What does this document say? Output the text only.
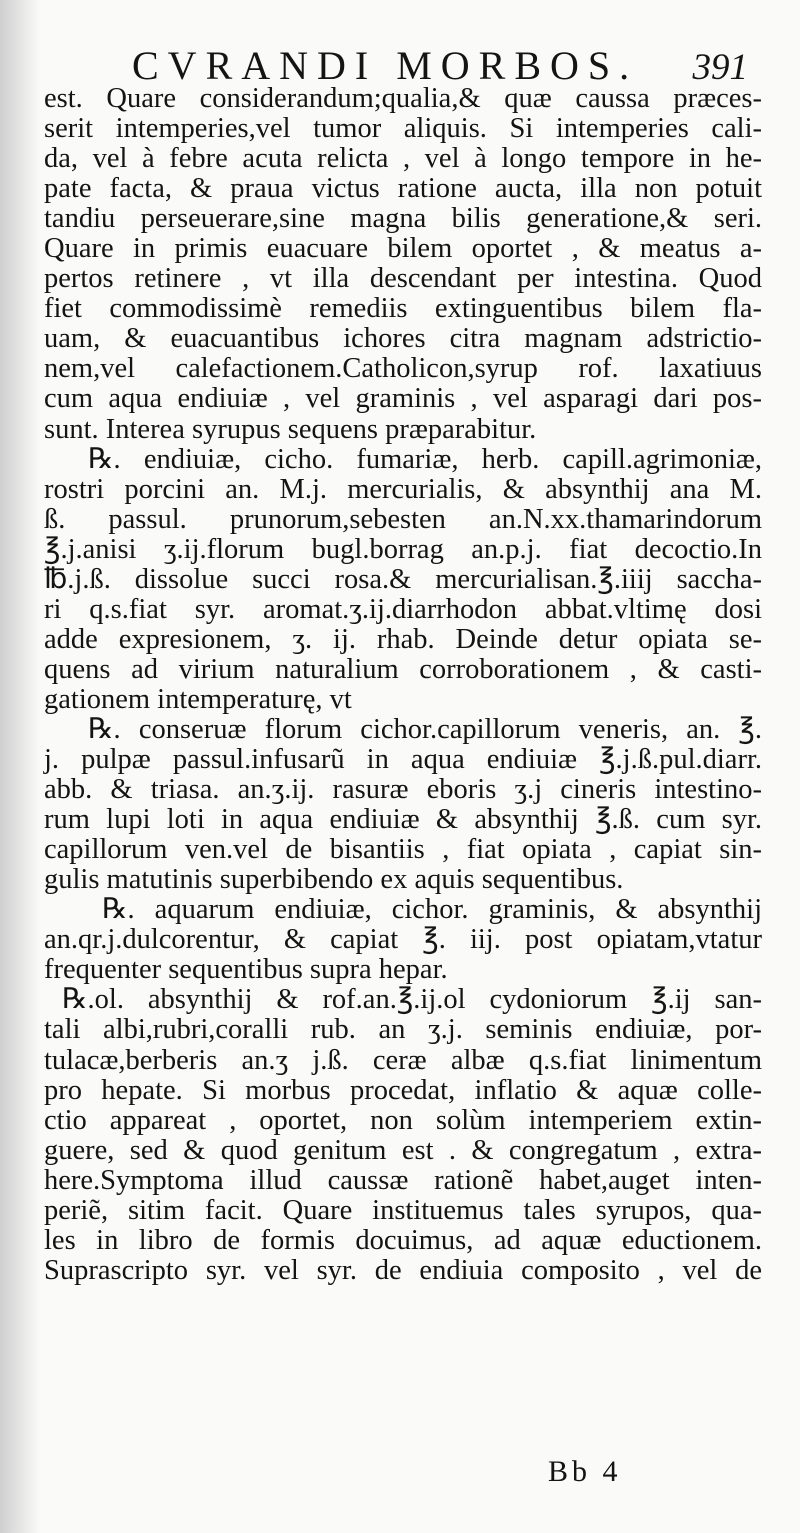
CVRANDI MORBOS. 391
est. Quare considerandum;qualia,& quæ caussa præces-
serit intemperies,vel tumor aliquis. Si intemperies cali-
da, vel à febre acuta relicta , vel à longo tempore in he-
pate facta, & praua victus ratione aucta, illa non potuit
tandiu perseuerare,sine magna bilis generatione,& seri.
Quare in primis euacuare bilem oportet , & meatus a-
pertos retinere , vt illa descendant per intestina. Quod
fiet commodissimè remediis extinguentibus bilem fla-
uam, & euacuantibus ichores citra magnam adstrictio-
nem,vel calefactionem.Catholicon,syrup rof. laxatiuus
cum aqua endiuiæ , vel graminis , vel asparagi dari pos-
sunt. Interea syrupus sequens præparabitur.
℞. endiuiæ, cicho. fumariæ, herb. capill.agrimoniæ,
rostri porcini an. M.j. mercurialis, & absynthij ana M.
ß. passul. prunorum,sebesten an.N.xx.thamarindorum
℥.j.anisi ʒ.ij.florum bugl.borrag an.p.j. fiat decoctio.In
℔.j.ß. dissolue succi rosa.& mercurialisan.℥.iiij saccha-
ri q.s.fiat syr. aromat.ʒ.ij.diarrhodon abbat.vltimę dosi
adde expresionem, ʒ. ij. rhab. Deinde detur opiata se-
quens ad virium naturalium corroborationem , & casti-
gationem intemperaturę, vt
℞. conseruæ florum cichor.capillorum veneris, an. ℥.
j. pulpæ passul.infusarũ in aqua endiuiæ ℥.j.ß.pul.diarr.
abb. & triasa. an.ʒ.ij. rasuræ eboris ʒ.j cineris intestino-
rum lupi loti in aqua endiuiæ & absynthij ℥.ß. cum syr.
capillorum ven.vel de bisantiis , fiat opiata , capiat sin-
gulis matutinis superbibendo ex aquis sequentibus.
℞. aquarum endiuiæ, cichor. graminis, & absynthij
an.qr.j.dulcorentur, & capiat ℥. iij. post opiatam,vtatur
frequenter sequentibus supra hepar.
℞.ol. absynthij & rof.an.℥.ij.ol cydoniorum ℥.ij san-
tali albi,rubri,coralli rub. an ʒ.j. seminis endiuiæ, por-
tulacæ,berberis an.ʒ j.ß. ceræ albæ q.s.fiat linimentum
pro hepate. Si morbus procedat, inflatio & aquæ colle-
ctio appareat , oportet, non solùm intemperiem extin-
guere, sed & quod genitum est . & congregatum , extra-
here.Symptoma illud caussæ rationẽ habet,auget inten-
periẽ, sitim facit. Quare instituemus tales syrupos, qua-
les in libro de formis docuimus, ad aquæ eductionem.
Suprascripto syr. vel syr. de endiuia composito , vel de
Bb 4
